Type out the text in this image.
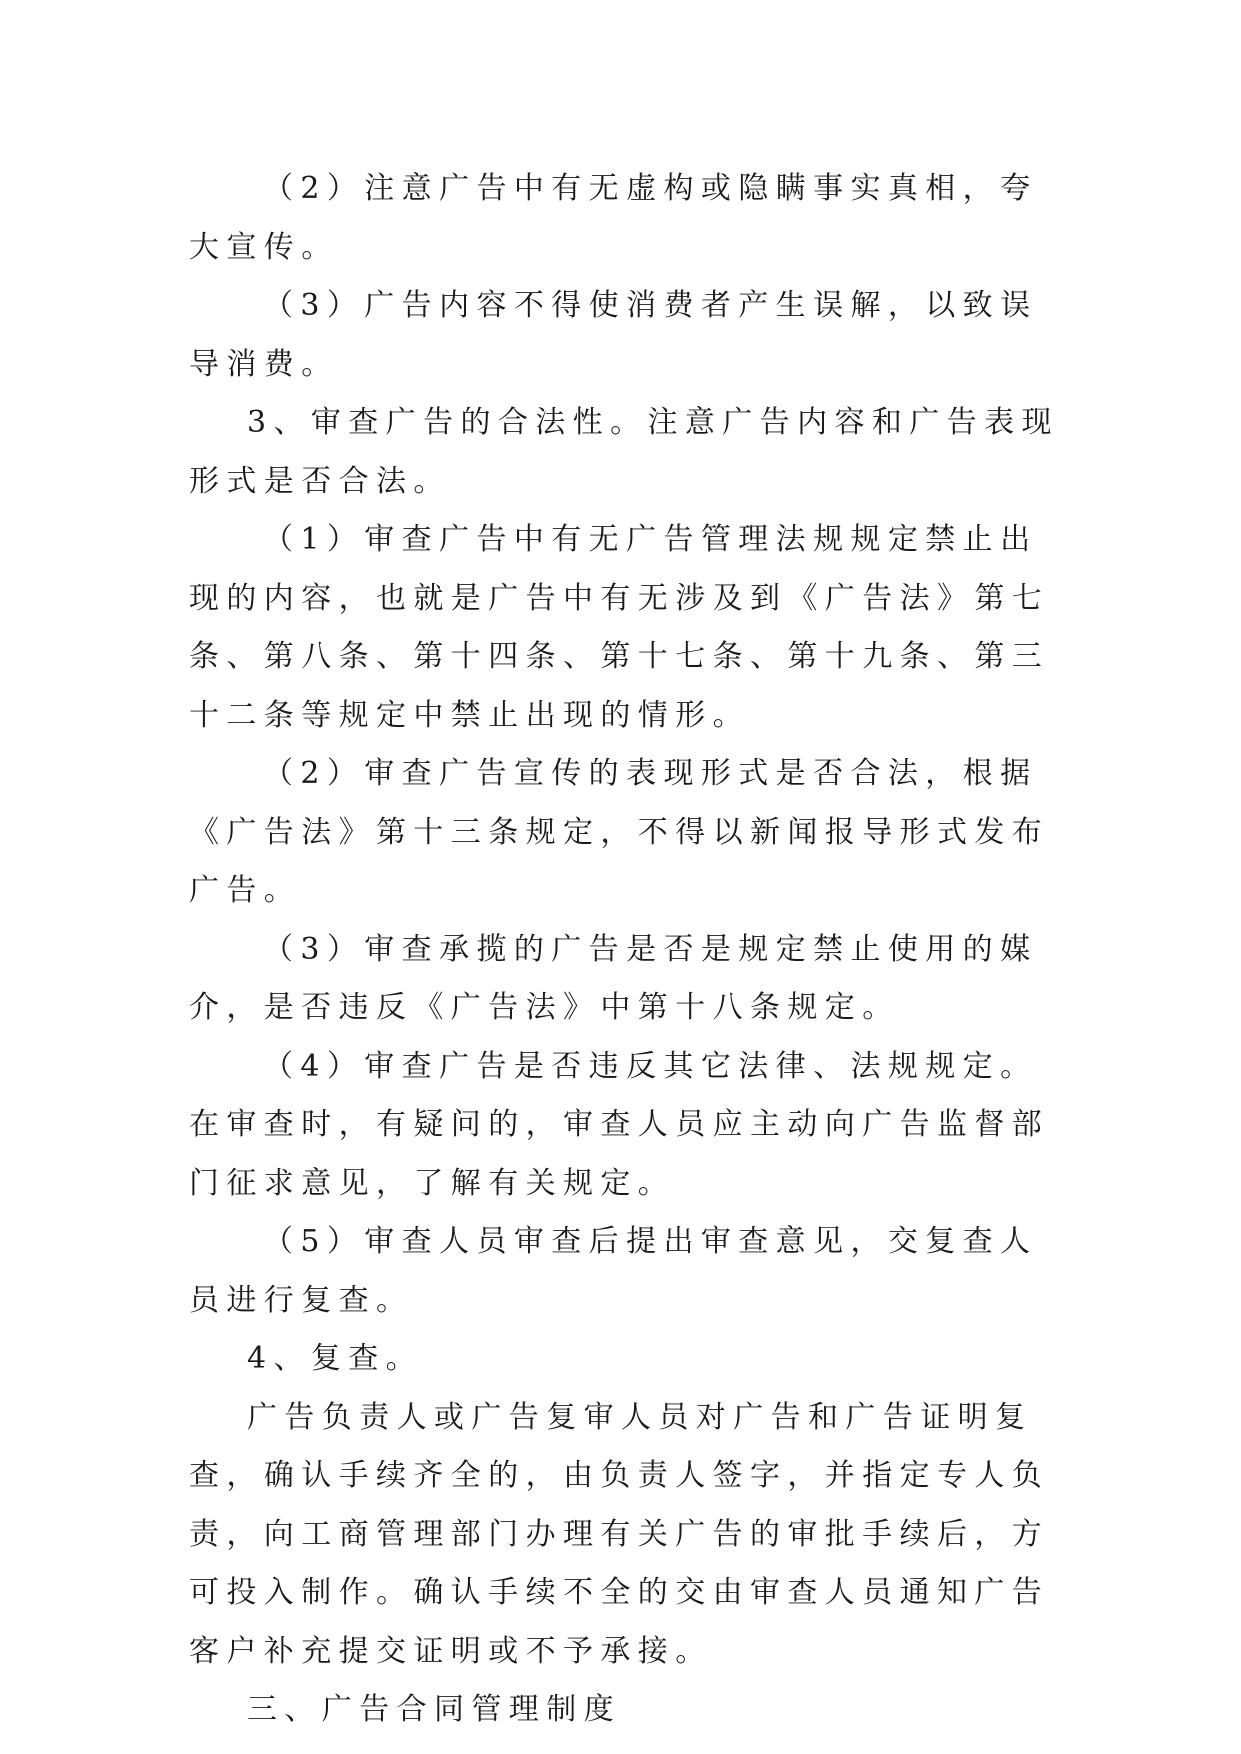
（2）注意广告中有无虚构或隐瞒事实真相，夸大宣传。

（3）广告内容不得使消费者产生误解，以致误导消费。

3、审查广告的合法性。注意广告内容和广告表现形式是否合法。

（1）审查广告中有无广告管理法规规定禁止出现的内容，也就是广告中有无涉及到《广告法》第七条、第八条、第十四条、第十七条、第十九条、第三十二条等规定中禁止出现的情形。

（2）审查广告宣传的表现形式是否合法，根据《广告法》第十三条规定，不得以新闻报导形式发布广告。

（3）审查承揽的广告是否是规定禁止使用的媒介，是否违反《广告法》中第十八条规定。

（4）审查广告是否违反其它法律、法规规定。在审查时，有疑问的，审查人员应主动向广告监督部门征求意见，了解有关规定。

（5）审查人员审查后提出审查意见，交复查人员进行复查。

4、复查。

广告负责人或广告复审人员对广告和广告证明复查，确认手续齐全的，由负责人签字，并指定专人负责，向工商管理部门办理有关广告的审批手续后，方可投入制作。确认手续不全的交由审查人员通知广告客户补充提交证明或不予承接。

三、广告合同管理制度
